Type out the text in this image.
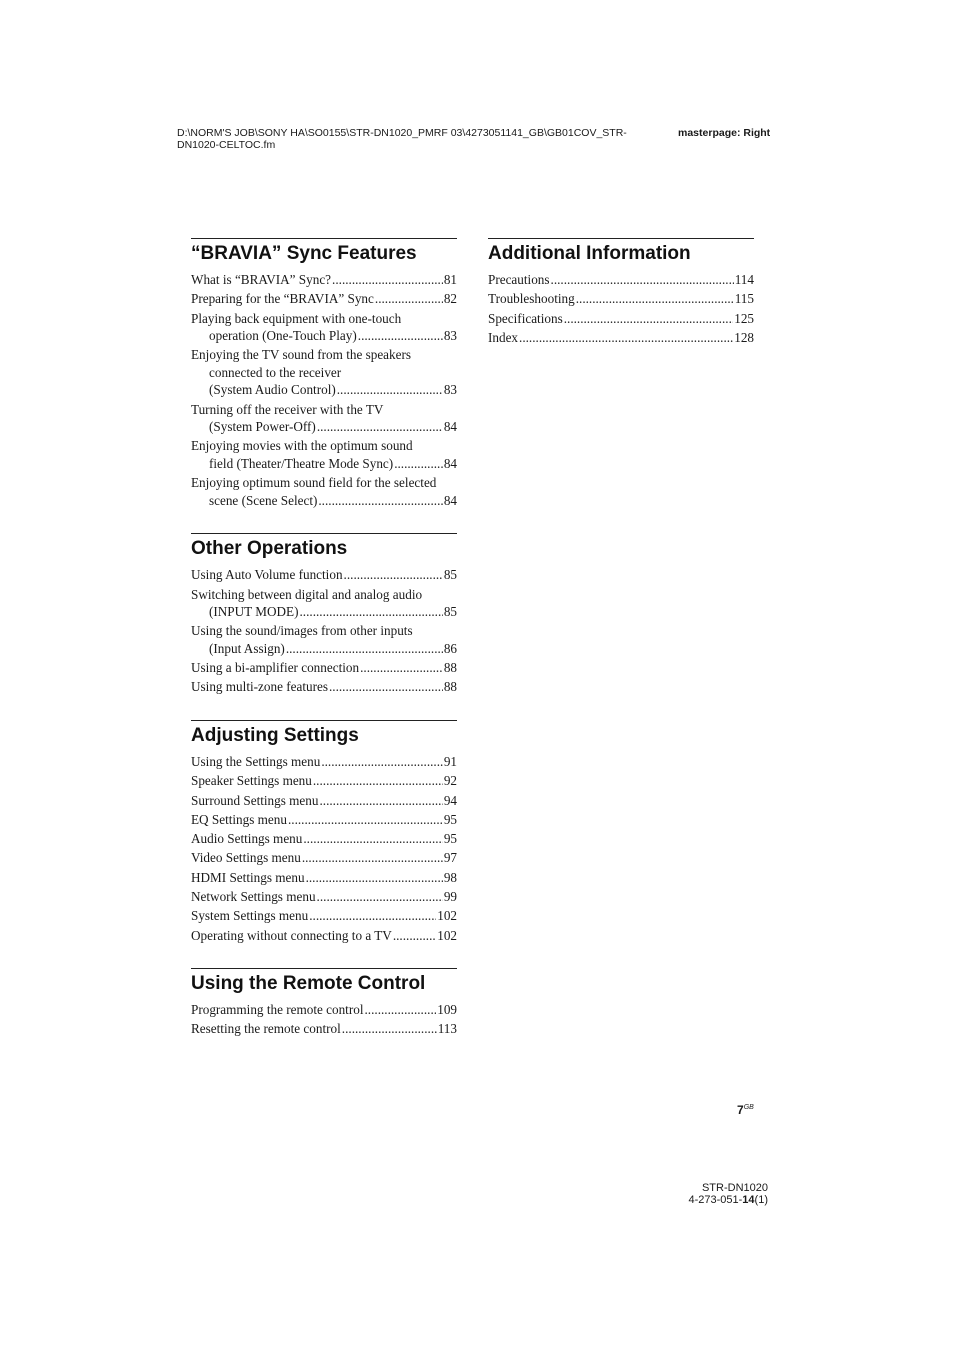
D:\NORM'S JOB\SONY HA\SO0155\STR-DN1020_PMRF 03\4273051141_GB\GB01COV_STR-
DN1020-CELTOC.fm
masterpage: Right
“BRAVIA” Sync Features
What is “BRAVIA” Sync? .....	81
Preparing for the “BRAVIA” Sync .....	82
Playing back equipment with one-touch
operation (One-Touch Play) .....	83
Enjoying the TV sound from the speakers
connected to the receiver
(System Audio Control) .....	83
Turning off the receiver with the TV
(System Power-Off) .....	84
Enjoying movies with the optimum sound
field (Theater/Theatre Mode Sync) .....	84
Enjoying optimum sound field for the selected
scene (Scene Select) .....	84
Other Operations
Using Auto Volume function .....	85
Switching between digital and analog audio
(INPUT MODE) .....	85
Using the sound/images from other inputs
(Input Assign) .....	86
Using a bi-amplifier connection .....	88
Using multi-zone features .....	88
Adjusting Settings
Using the Settings menu .....	91
Speaker Settings menu .....	92
Surround Settings menu .....	94
EQ Settings menu .....	95
Audio Settings menu .....	95
Video Settings menu .....	97
HDMI Settings menu .....	98
Network Settings menu .....	99
System Settings menu .....	102
Operating without connecting to a TV .....	102
Using the Remote Control
Programming the remote control .....	109
Resetting the remote control .....	113
Additional Information
Precautions .....	114
Troubleshooting .....	115
Specifications .....	125
Index .....	128
$7^{GB}$
STR-DN1020
4-273-051-14(1)
